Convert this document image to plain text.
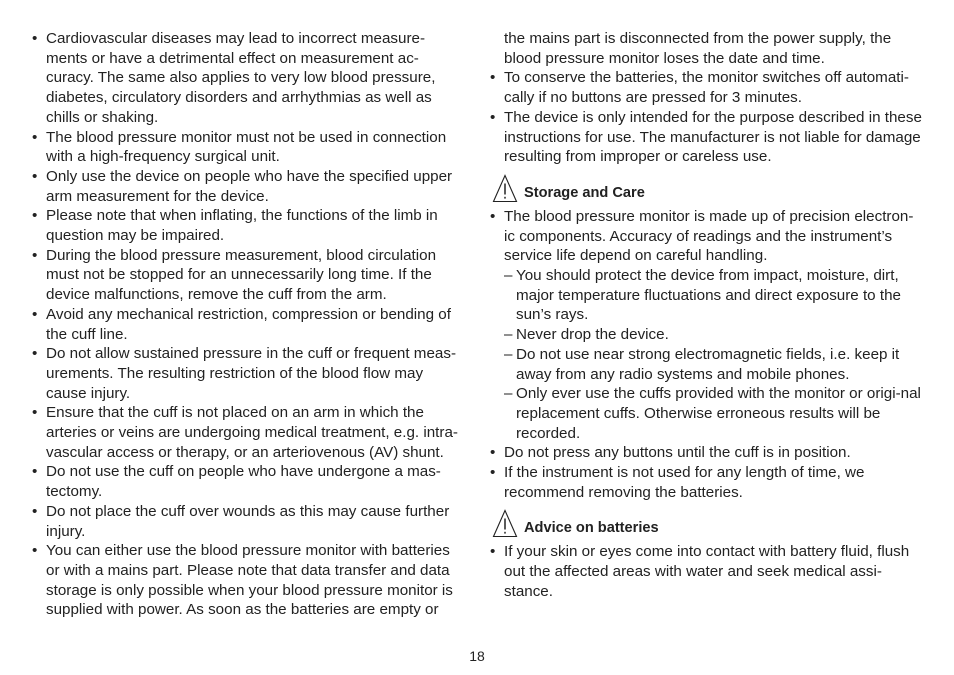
• Cardiovascular diseases may lead to incorrect measure-ments or have a detrimental effect on measurement ac-curacy. The same also applies to very low blood pressure, diabetes, circulatory disorders and arrhythmias as well as chills or shaking.
• The blood pressure monitor must not be used in connection with a high-frequency surgical unit.
• Only use the device on people who have the specified upper arm measurement for the device.
• Please note that when inflating, the functions of the limb in question may be impaired.
• During the blood pressure measurement, blood circulation must not be stopped for an unnecessarily long time. If the device malfunctions, remove the cuff from the arm.
• Avoid any mechanical restriction, compression or bending of the cuff line.
• Do not allow sustained pressure in the cuff or frequent meas-urements. The resulting restriction of the blood flow may cause injury.
• Ensure that the cuff is not placed on an arm in which the arteries or veins are undergoing medical treatment, e.g. intra-vascular access or therapy, or an arteriovenous (AV) shunt.
• Do not use the cuff on people who have undergone a mas-tectomy.
• Do not place the cuff over wounds as this may cause further injury.
• You can either use the blood pressure monitor with batteries or with a mains part. Please note that data transfer and data storage is only possible when your blood pressure monitor is supplied with power. As soon as the batteries are empty or
the mains part is disconnected from the power supply, the blood pressure monitor loses the date and time.
• To conserve the batteries, the monitor switches off automati-cally if no buttons are pressed for 3 minutes.
• The device is only intended for the purpose described in these instructions for use. The manufacturer is not liable for damage resulting from improper or careless use.
Storage and Care
• The blood pressure monitor is made up of precision electron-ic components. Accuracy of readings and the instrument’s service life depend on careful handling.
– You should protect the device from impact, moisture, dirt, major temperature fluctuations and direct exposure to the sun’s rays.
– Never drop the device.
– Do not use near strong electromagnetic fields, i.e. keep it away from any radio systems and mobile phones.
– Only ever use the cuffs provided with the monitor or origi-nal replacement cuffs. Otherwise erroneous results will be recorded.
• Do not press any buttons until the cuff is in position.
• If the instrument is not used for any length of time, we recommend removing the batteries.
Advice on batteries
• If your skin or eyes come into contact with battery fluid, flush out the affected areas with water and seek medical assi-stance.
18
